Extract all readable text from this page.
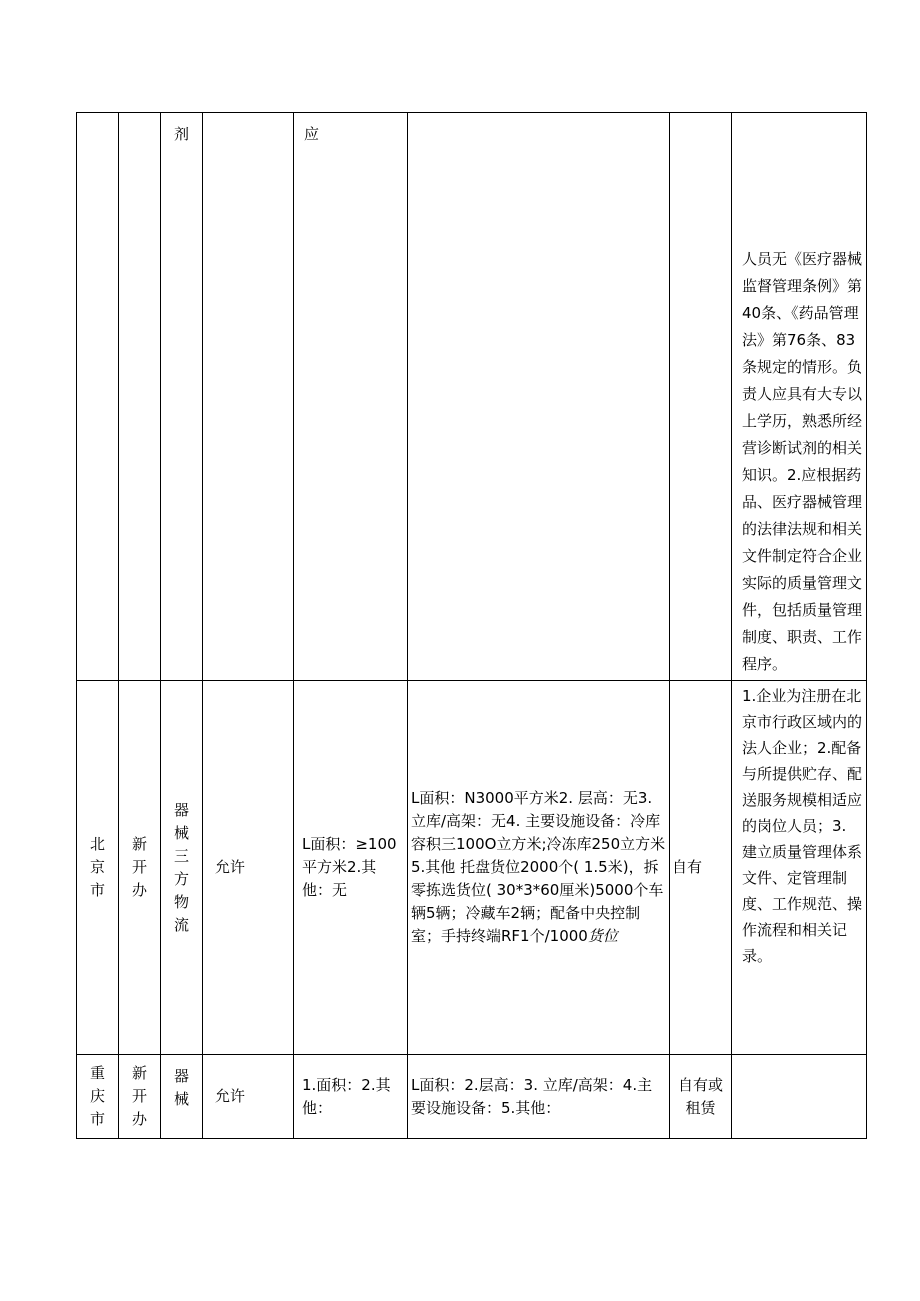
		剂		应			人员无《医疗器械监督管理条例》第40条、《药品管理法》第76条、83条规定的情形。负责人应具有大专以上学历，熟悉所经营诊断试剂的相关知识。2.应根据药品、医疗器械管理的法律法规和相关文件制定符合企业实际的质量管理文件，包括质量管理制度、职责、工作程序。
北京市	新开办	器械三方物流	允许	L面积：≥100平方米2.其他：无	L面积：N3000平方米2. 层高：无3.立库/高架：无4. 主要设施设备：冷库容积三100O立方米;冷冻库250立方米5.其他 托盘货位2000个( 1.5米)，拆零拣选货位( 30*3*60厘米)5000个车辆5辆；冷藏车2辆；配备中央控制室；手持终端RF1个/1000货位	自有	1.企业为注册在北京市行政区域内的法人企业；2.配备与所提供贮存、配送服务规模相适应的岗位人员；3. 建立质量管理体系文件、定管理制度、工作规范、操作流程和相关记录。
重庆市	新开办	器械	允许	1.面积：2.其他：	L面积：2.层高：3. 立库/高架：4.主要设施设备：5.其他：	自有或租赁	
